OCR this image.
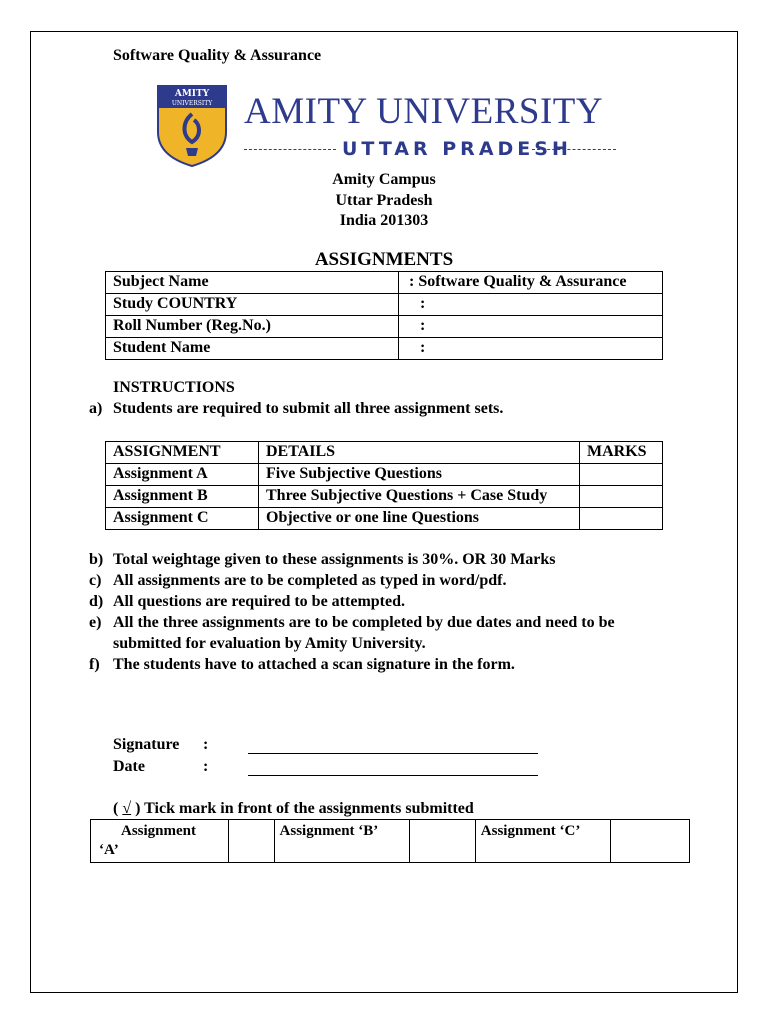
Software Quality & Assurance
AMITY
UNIVERSITY AMITY UNIVERSITY
UTTAR PRADESH
Amity Campus
Uttar Pradesh
India 201303
ASSIGNMENTS
Subject Name	: Software Quality & Assurance
Study COUNTRY	:
Roll Number (Reg.No.)	:
Student Name	:
INSTRUCTIONS
a) Students are required to submit all three assignment sets.
ASSIGNMENT	DETAILS	MARKS
Assignment A	Five Subjective Questions	
Assignment B	Three Subjective Questions + Case Study	
Assignment C	Objective or one line Questions	
b) Total weightage given to these assignments is 30%. OR 30 Marks
c) All assignments are to be completed as typed in word/pdf.
d) All questions are required to be attempted.
e) All the three assignments are to be completed by due dates and need to be submitted for evaluation by Amity University.
f) The students have to attached a scan signature in the form.
Signature :
Date	:
( √ ) Tick mark in front of the assignments submitted
Assignment
‘A’		Assignment ‘B’		Assignment ‘C’	
